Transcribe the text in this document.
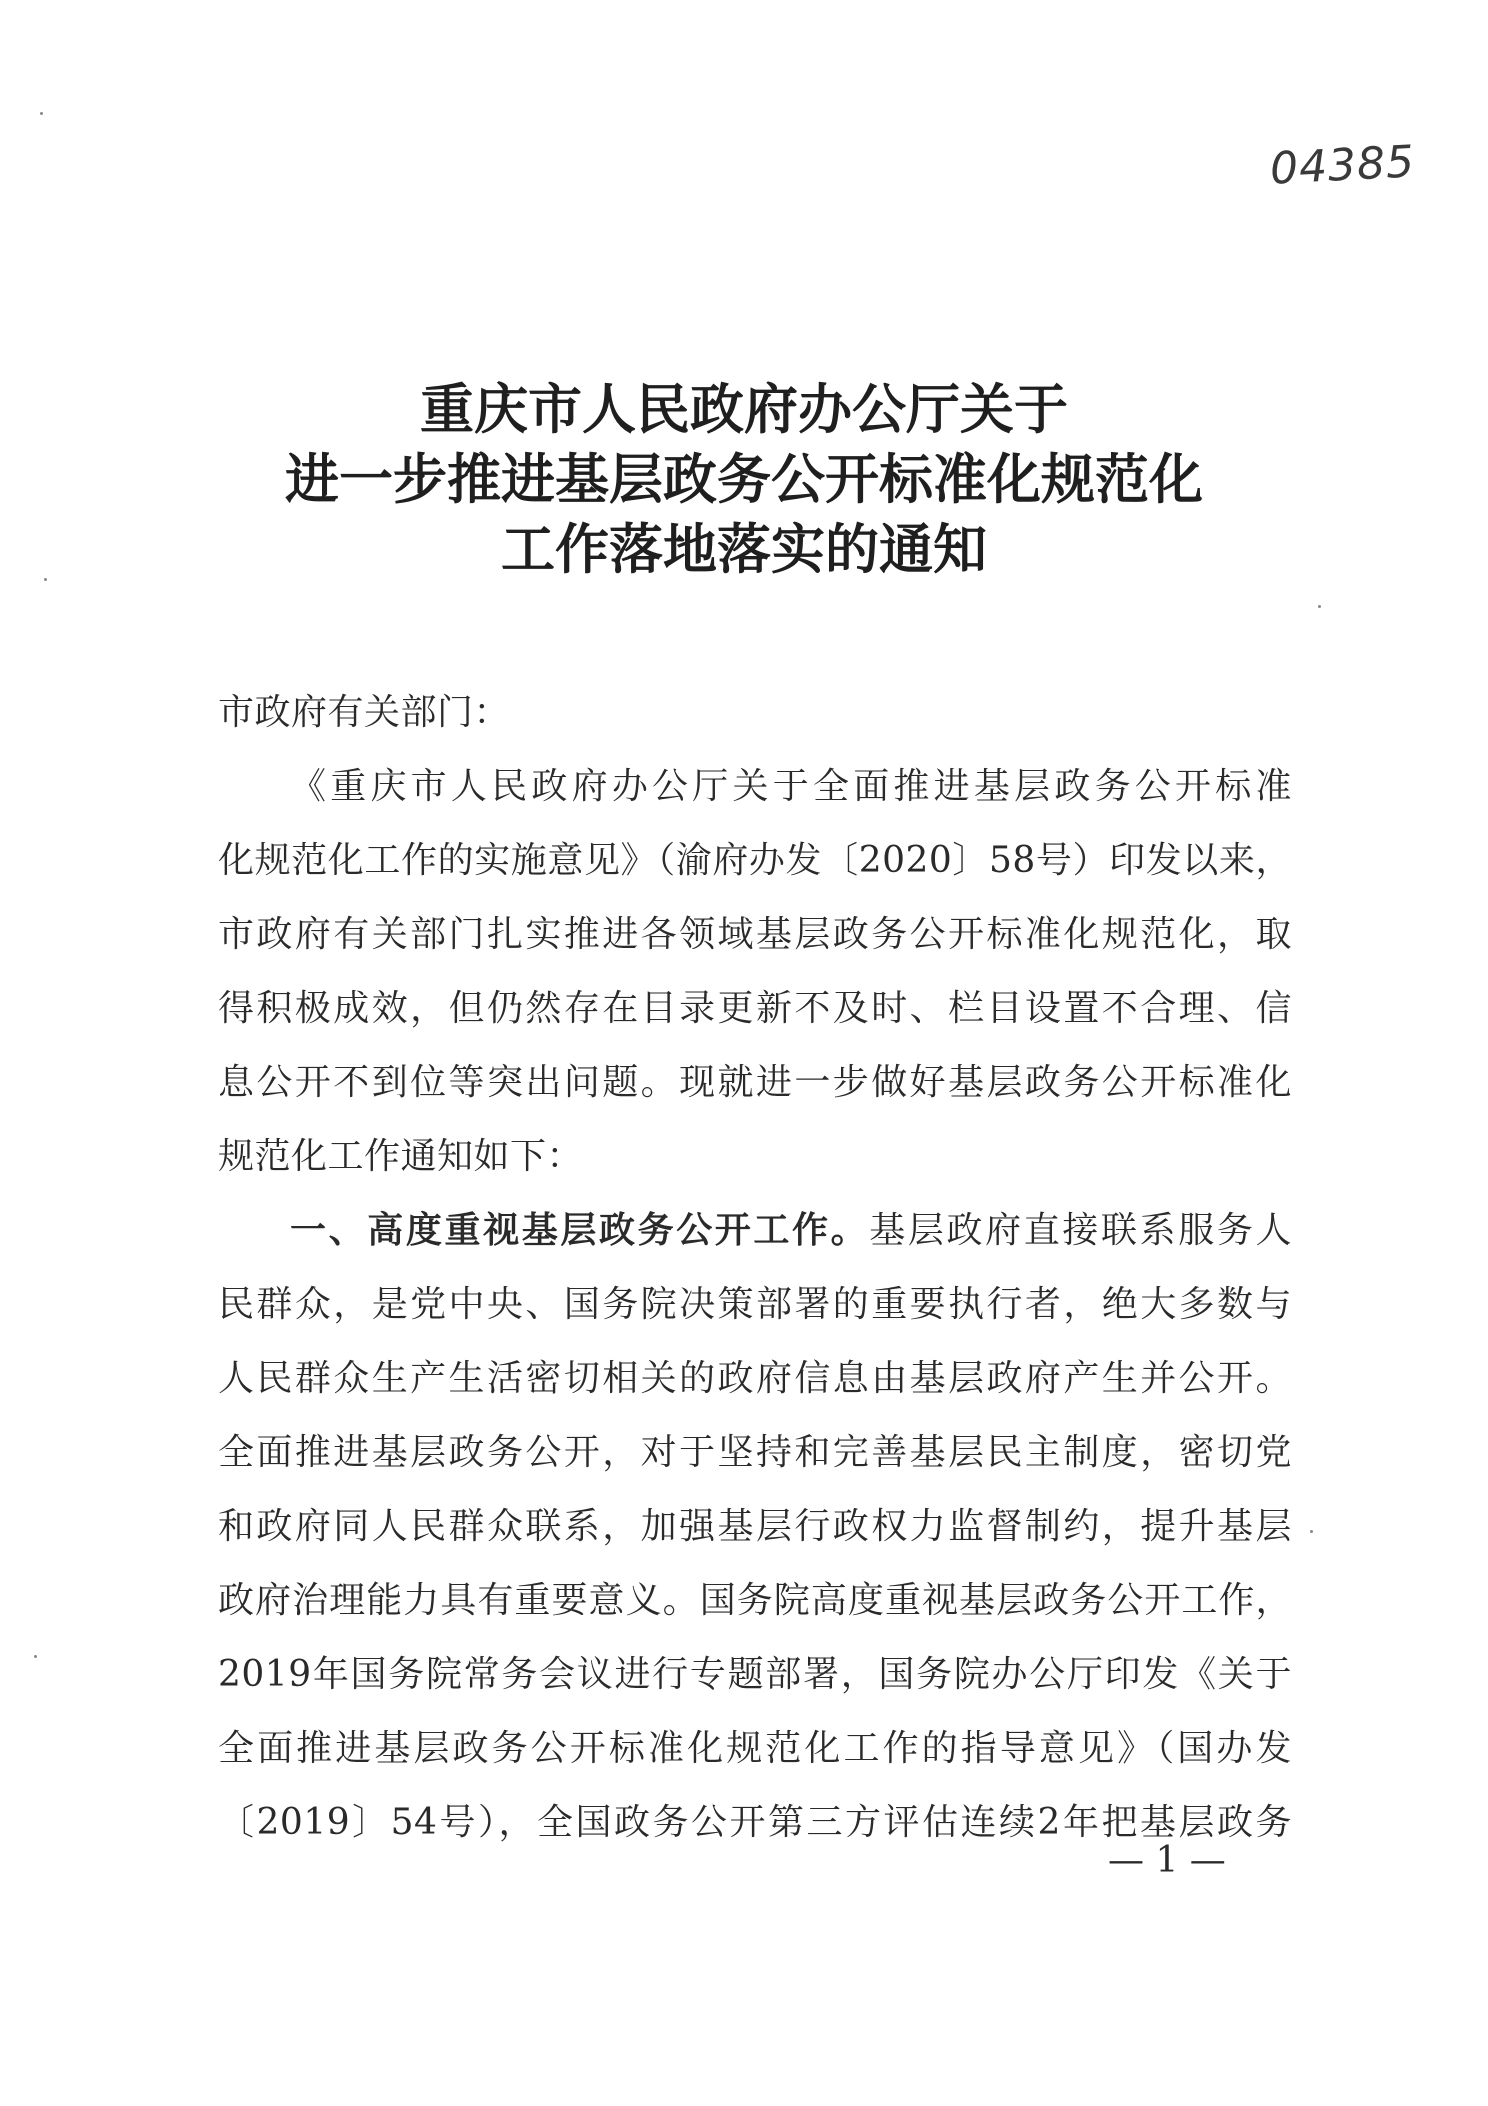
04385
重庆市人民政府办公厅关于
进一步推进基层政务公开标准化规范化
工作落地落实的通知
市政府有关部门：
《重庆市人民政府办公厅关于全面推进基层政务公开标准
化规范化工作的实施意见》（渝府办发〔2020〕58号）印发以来，
市政府有关部门扎实推进各领域基层政务公开标准化规范化，取
得积极成效，但仍然存在目录更新不及时、栏目设置不合理、信
息公开不到位等突出问题。现就进一步做好基层政务公开标准化
规范化工作通知如下：
一、高度重视基层政务公开工作。基层政府直接联系服务人
民群众，是党中央、国务院决策部署的重要执行者，绝大多数与
人民群众生产生活密切相关的政府信息由基层政府产生并公开。
全面推进基层政务公开，对于坚持和完善基层民主制度，密切党
和政府同人民群众联系，加强基层行政权力监督制约，提升基层
政府治理能力具有重要意义。国务院高度重视基层政务公开工作，
2019年国务院常务会议进行专题部署，国务院办公厅印发《关于
全面推进基层政务公开标准化规范化工作的指导意见》（国办发
〔2019〕54号），全国政务公开第三方评估连续2年把基层政务
— 1 —
